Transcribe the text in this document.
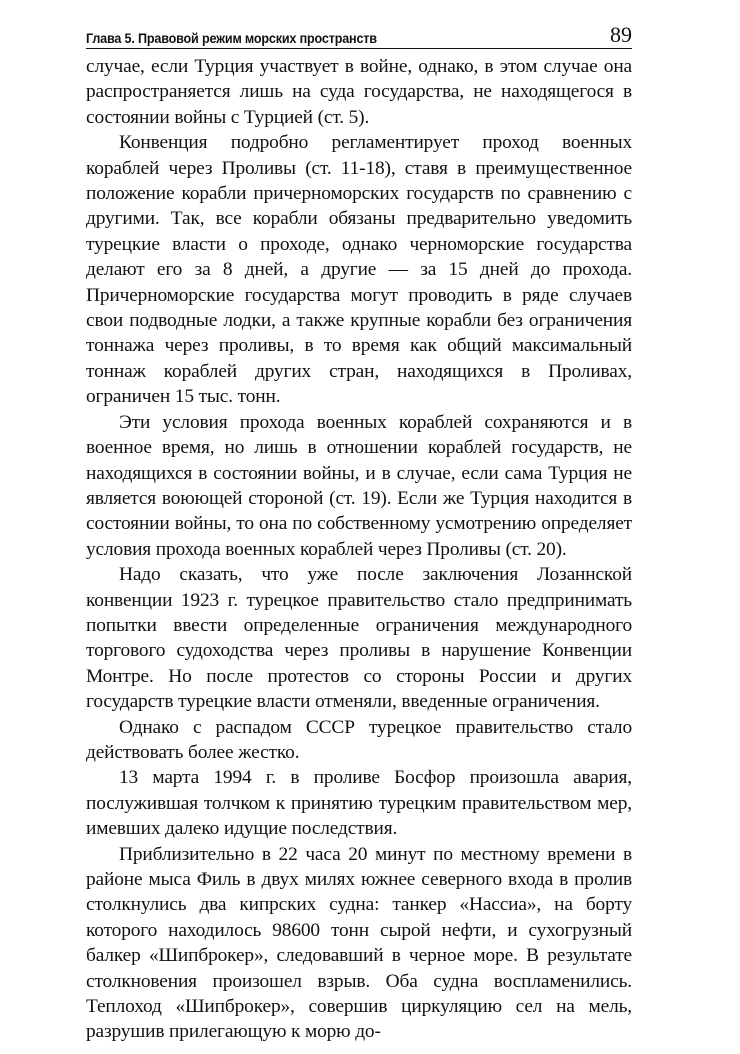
Глава 5. Правовой режим морских пространств	89

случае, если Турция участвует в войне, однако, в этом случае она распространяется лишь на суда государства, не находящегося в состоянии войны с Турцией (ст. 5).

Конвенция подробно регламентирует проход военных кораблей через Проливы (ст. 11-18), ставя в преимущественное положение корабли причерноморских государств по сравнению с другими. Так, все корабли обязаны предварительно уведомить турецкие власти о проходе, однако черноморские государства делают его за 8 дней, а другие — за 15 дней до прохода. Причерноморские государства могут проводить в ряде случаев свои подводные лодки, а также крупные корабли без ограничения тоннажа через проливы, в то время как общий максимальный тоннаж кораблей других стран, находящихся в Проливах, ограничен 15 тыс. тонн.

Эти условия прохода военных кораблей сохраняются и в военное время, но лишь в отношении кораблей государств, не находящихся в состоянии войны, и в случае, если сама Турция не является воюющей стороной (ст. 19). Если же Турция находится в состоянии войны, то она по собственному усмотрению определяет условия прохода военных кораблей через Проливы (ст. 20).

Надо сказать, что уже после заключения Лозаннской конвенции 1923 г. турецкое правительство стало предпринимать попытки ввести определенные ограничения международного торгового судоходства через проливы в нарушение Конвенции Монтре. Но после протестов со стороны России и других государств турецкие власти отменяли, введенные ограничения.

Однако с распадом СССР турецкое правительство стало действовать более жестко.

13 марта 1994 г. в проливе Босфор произошла авария, послужившая толчком к принятию турецким правительством мер, имевших далеко идущие последствия.

Приблизительно в 22 часа 20 минут по местному времени в районе мыса Филь в двух милях южнее северного входа в пролив столкнулись два кипрских судна: танкер «Нассиа», на борту которого находилось 98600 тонн сырой нефти, и сухогрузный балкер «Шипброкер», следовавший в черное море. В результате столкновения произошел взрыв. Оба судна воспламенились. Теплоход «Шипброкер», совершив циркуляцию сел на мель, разрушив прилегающую к морю до-
